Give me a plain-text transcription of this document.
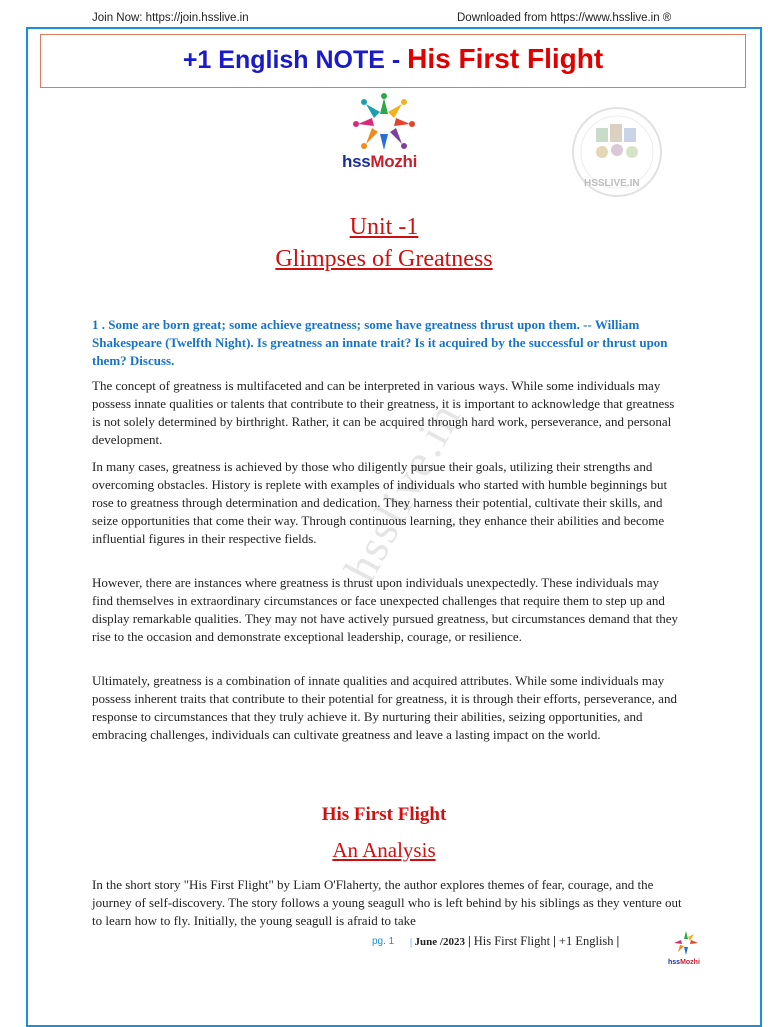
Join Now: https://join.hsslive.in	Downloaded from https://www.hsslive.in ®
+1 English NOTE - His First Flight
hssMozhi
HSSLIVE.IN
hsslive.in
Unit -1
Glimpses of Greatness
1 . Some are born great; some achieve greatness; some have greatness thrust upon them. -- William Shakespeare (Twelfth Night). Is greatness an innate trait? Is it acquired by the successful or thrust upon them? Discuss.

The concept of greatness is multifaceted and can be interpreted in various ways. While some individuals may possess innate qualities or talents that contribute to their greatness, it is important to acknowledge that greatness is not solely determined by birthright. Rather, it can be acquired through hard work, perseverance, and personal development.

In many cases, greatness is achieved by those who diligently pursue their goals, utilizing their strengths and overcoming obstacles. History is replete with examples of individuals who started with humble beginnings but rose to greatness through determination and dedication. They harness their potential, cultivate their skills, and seize opportunities that come their way. Through continuous learning, they enhance their abilities and become influential figures in their respective fields.

However, there are instances where greatness is thrust upon individuals unexpectedly. These individuals may find themselves in extraordinary circumstances or face unexpected challenges that require them to step up and display remarkable qualities. They may not have actively pursued greatness, but circumstances demand that they rise to the occasion and demonstrate exceptional leadership, courage, or resilience.

Ultimately, greatness is a combination of innate qualities and acquired attributes. While some individuals may possess inherent traits that contribute to their potential for greatness, it is through their efforts, perseverance, and response to circumstances that they truly achieve it. By nurturing their abilities, seizing opportunities, and embracing challenges, individuals can cultivate greatness and leave a lasting impact on the world.

His First Flight
An Analysis

In the short story "His First Flight" by Liam O'Flaherty, the author explores themes of fear, courage, and the journey of self-discovery. The story follows a young seagull who is left behind by his siblings as they venture out to learn how to fly. Initially, the young seagull is afraid to take

pg. 1 | June /2023 | His First Flight | +1 English |
hssMozhi
